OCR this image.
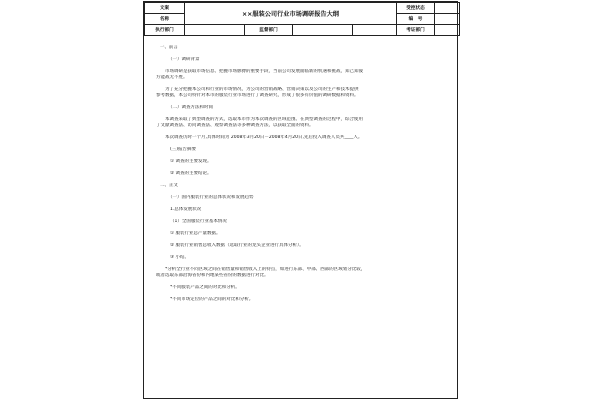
文案	××服装公司行业市场调研报告大纲				受控状态	
名称					编　号	
执行部门		监督部门			考证部门	

一、前言

（一）调研背景

市场调研是获取市场信息、把握市场脉搏的重要手段，当前公司发展面临新的机遇和挑战，知己知彼

方能战无不胜。

为了充分把握本公司和行业的市场情况，为公司的营销战略、营销决策以及公司的生产和技术提供

参考数据，本公司特针对本市的服装行业市场进行了调查研究，形成了很多有价值的调研数据和资料。

（二）调查方法和时间

本调查采取了典型调查的方式，选取本市作为本次调查的区域范围。在典型调查的过程中，综合使用

了文献调查法、访问调查法、观察调查法等多种调查方法，以获取全面的资料。

本次调查历时一个月,具体时间为 2008年3月20日－2008年4月20日,先后投入调查人员共____人。

(三)报告摘要

① 调查的主要发现。

② 调查的主要结论。

二、正文

（一）国内服装行业的总体状况和发展趋势

1.总体发展状况

（1）全国服装行业基本情况

① 服装行业总产量数据。

② 服装行业销售总收入数据（选取行业的龙头企业进行具体分析）。

③ 小结。

*分析全行业不同区域之间在销售量和销售收入上的特点，如进行东部、中部、西部的区域划分比较，

或者选取东部沿海省份和内地某些省份的数据进行对比。

*不同服装产品之间的对比和分析。

*不同市场定位的产品之间的对比和分析。
